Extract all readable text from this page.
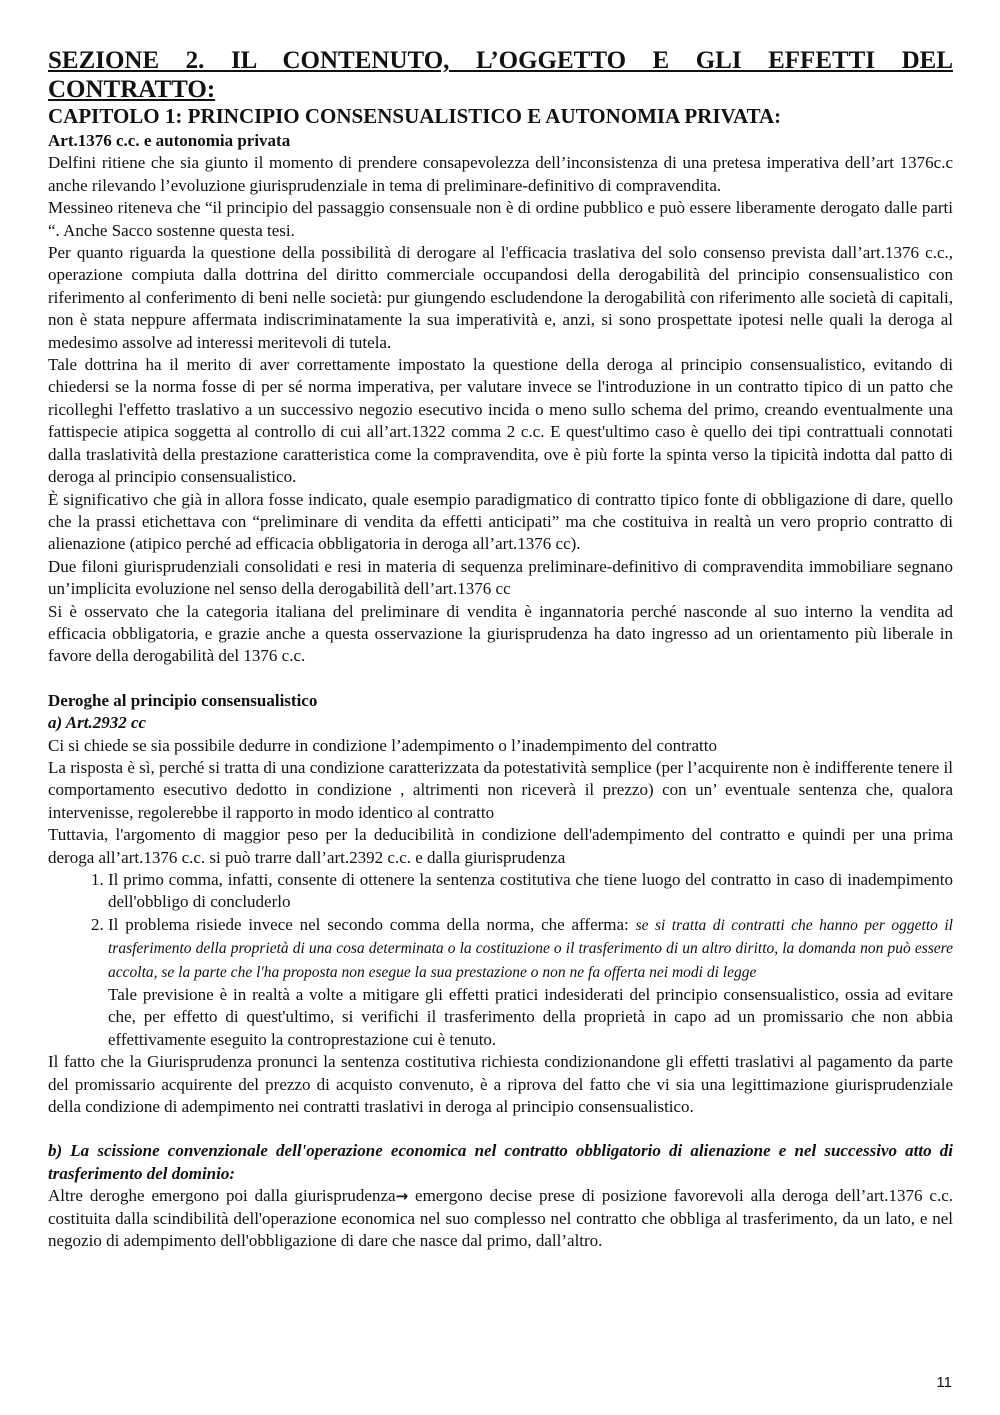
SEZIONE 2. IL CONTENUTO, L’OGGETTO E GLI EFFETTI DEL CONTRATTO:
CAPITOLO 1: PRINCIPIO CONSENSUALISTICO E AUTONOMIA PRIVATA:
Art.1376 c.c. e autonomia privata

Delfini ritiene che sia giunto il momento di prendere consapevolezza dell’inconsistenza di una pretesa imperativa dell’art 1376c.c anche rilevando l’evoluzione giurisprudenziale in tema di preliminare-definitivo di compravendita.

Messineo riteneva che “il principio del passaggio consensuale non è di ordine pubblico e può essere liberamente derogato dalle parti “. Anche Sacco sostenne questa tesi.

Per quanto riguarda la questione della possibilità di derogare al l'efficacia traslativa del solo consenso prevista dall’art.1376 c.c., operazione compiuta dalla dottrina del diritto commerciale occupandosi della derogabilità del principio consensualistico con riferimento al conferimento di beni nelle società: pur giungendo escludendone la derogabilità con riferimento alle società di capitali, non è stata neppure affermata indiscriminatamente la sua imperatività e, anzi, si sono prospettate ipotesi nelle quali la deroga al medesimo assolve ad interessi meritevoli di tutela.

Tale dottrina ha il merito di aver correttamente impostato la questione della deroga al principio consensualistico, evitando di chiedersi se la norma fosse di per sé norma imperativa, per valutare invece se l'introduzione in un contratto tipico di un patto che ricolleghi l'effetto traslativo a un successivo negozio esecutivo incida o meno sullo schema del primo, creando eventualmente una fattispecie atipica soggetta al controllo di cui all’art.1322 comma 2 c.c. E quest'ultimo caso è quello dei tipi contrattuali connotati dalla traslatività della prestazione caratteristica come la compravendita, ove è più forte la spinta verso la tipicità indotta dal patto di deroga al principio consensualistico.

È significativo che già in allora fosse indicato, quale esempio paradigmatico di contratto tipico fonte di obbligazione di dare, quello che la prassi etichettava con “preliminare di vendita da effetti anticipati” ma che costituiva in realtà un vero proprio contratto di alienazione (atipico perché ad efficacia obbligatoria in deroga all’art.1376 cc).

Due filoni giurisprudenziali consolidati e resi in materia di sequenza preliminare-definitivo di compravendita immobiliare segnano un’implicita evoluzione nel senso della derogabilità dell’art.1376 cc

Si è osservato che la categoria italiana del preliminare di vendita è ingannatoria perché nasconde al suo interno la vendita ad efficacia obbligatoria, e grazie anche a questa osservazione la giurisprudenza ha dato ingresso ad un orientamento più liberale in favore della derogabilità del 1376 c.c.

Deroghe al principio consensualistico
a) Art.2932 cc

Ci si chiede se sia possibile dedurre in condizione l’adempimento o l’inadempimento del contratto

La risposta è sì, perché si tratta di una condizione caratterizzata da potestatività semplice (per l’acquirente non è indifferente tenere il comportamento esecutivo dedotto in condizione , altrimenti non riceverà il prezzo) con un’ eventuale sentenza che, qualora intervenisse, regolerebbe il rapporto in modo identico al contratto

Tuttavia, l'argomento di maggior peso per la deducibilità in condizione dell'adempimento del contratto e quindi per una prima deroga all’art.1376 c.c. si può trarre dall’art.2392 c.c. e dalla giurisprudenza

1. Il primo comma, infatti, consente di ottenere la sentenza costitutiva che tiene luogo del contratto in caso di inadempimento dell'obbligo di concluderlo
2. Il problema risiede invece nel secondo comma della norma, che afferma: se si tratta di contratti che hanno per oggetto il trasferimento della proprietà di una cosa determinata o la costituzione o il trasferimento di un altro diritto, la domanda non può essere accolta, se la parte che l'ha proposta non esegue la sua prestazione o non ne fa offerta nei modi di legge
Tale previsione è in realtà a volte a mitigare gli effetti pratici indesiderati del principio consensualistico, ossia ad evitare che, per effetto di quest'ultimo, si verifichi il trasferimento della proprietà in capo ad un promissario che non abbia effettivamente eseguito la controprestazione cui è tenuto.

Il fatto che la Giurisprudenza pronunci la sentenza costitutiva richiesta condizionandone gli effetti traslativi al pagamento da parte del promissario acquirente del prezzo di acquisto convenuto, è a riprova del fatto che vi sia una legittimazione giurisprudenziale della condizione di adempimento nei contratti traslativi in deroga al principio consensualistico.

b) La scissione convenzionale dell'operazione economica nel contratto obbligatorio di alienazione e nel successivo atto di trasferimento del dominio:

Altre deroghe emergono poi dalla giurisprudenza→ emergono decise prese di posizione favorevoli alla deroga dell’art.1376 c.c. costituita dalla scindibilità dell'operazione economica nel suo complesso nel contratto che obbliga al trasferimento, da un lato, e nel negozio di adempimento dell'obbligazione di dare che nasce dal primo, dall’altro.

11
